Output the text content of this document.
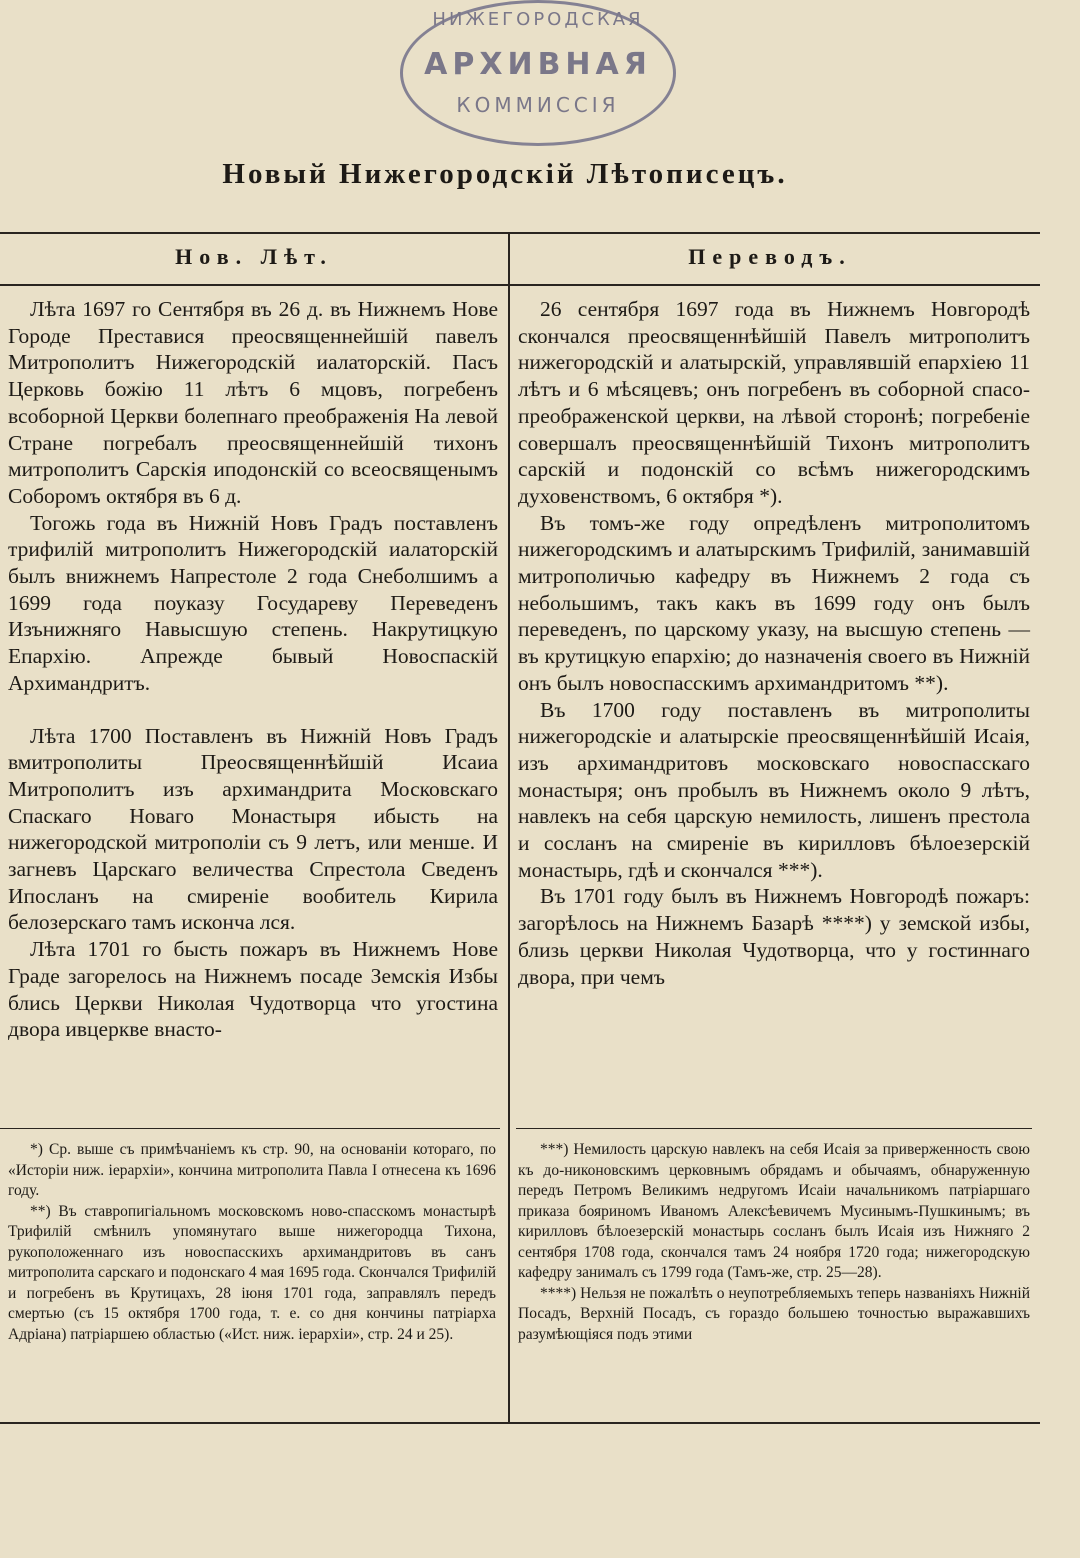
НИЖЕГОРОДСКАЯ
АРХИВНАЯ
КОММИССІЯ
Новый Нижегородскій Лѣтописецъ.
Нов. Лѣт.	Переводъ.

Лѣта 1697 го Сентября въ 26 д. въ Нижнемъ Нове Городе Преставися преосвященнейшій павелъ Митрополитъ Нижегородскій иалаторскій. Пасъ Церковь божію 11 лѣтъ 6 мцовъ, погребенъ всоборной Церкви болепнаго преображенія На левой Стране погребалъ преосвященнейшій тихонъ митрополитъ Сарскія иподонскій со всеосвященымъ Соборомъ октября въ 6 д.

Тогожь года въ Нижній Новъ Градъ поставленъ трифилій митрополитъ Нижегородскій иалаторскій былъ внижнемъ Напрестоле 2 года Снеболшимъ а 1699 года поуказу Государеву Переведенъ Изънижняго Навысшую степень. Накрутицкую Епархію. Апрежде бывый Новоспаскій Архимандритъ.

Лѣта 1700 Поставленъ въ Нижній Новъ Градъ вмитрополиты Преосвященнѣйшій Исаиа Митрополитъ изъ архимандрита Московскаго Спаскаго Новаго Монастыря ибысть на нижегородской митрополіи съ 9 летъ, или менше. И загневъ Царскаго величества Спрестола Сведенъ Ипосланъ на смиреніе вообитель Кирила белозерскаго тамъ исконча лся.

Лѣта 1701 го бысть пожаръ въ Нижнемъ Нове Граде загорелось на Нижнемъ посаде Земскія Избы блись Церкви Николая Чудотворца что угостина двора ивцеркве внасто-

26 сентября 1697 года въ Нижнемъ Новгородѣ скончался преосвященнѣйшій Павелъ митрополитъ нижегородскій и алатырскій, управлявшій епархіею 11 лѣтъ и 6 мѣсяцевъ; онъ погребенъ въ соборной спасо-преображенской церкви, на лѣвой сторонѣ; погребеніе совершалъ преосвященнѣйшій Тихонъ митрополитъ сарскій и подонскій со всѣмъ нижегородскимъ духовенствомъ, 6 октября *).

Въ томъ-же году опредѣленъ митрополитомъ нижегородскимъ и алатырскимъ Трифилій, занимавшій митрополичью кафедру въ Нижнемъ 2 года съ небольшимъ, такъ какъ въ 1699 году онъ былъ переведенъ, по царскому указу, на высшую степень — въ крутицкую епархію; до назначенія своего въ Нижній онъ былъ новоспасскимъ архимандритомъ **).

Въ 1700 году поставленъ въ митрополиты нижегородскіе и алатырскіе преосвященнѣйшій Исаія, изъ архимандритовъ московскаго новоспасскаго монастыря; онъ пробылъ въ Нижнемъ около 9 лѣтъ, навлекъ на себя царскую немилость, лишенъ престола и сосланъ на смиреніе въ кирилловъ бѣлоезерскій монастырь, гдѣ и скончался ***).

Въ 1701 году былъ въ Нижнемъ Новгородѣ пожаръ: загорѣлось на Нижнемъ Базарѣ ****) у земской избы, близь церкви Николая Чудотворца, что у гостиннаго двора, при чемъ

*) Ср. выше съ примѣчаніемъ къ стр. 90, на основаніи котораго, по «Исторіи ниж. іерархіи», кончина митрополита Павла I отнесена къ 1696 году.

**) Въ ставропигіальномъ московскомъ ново-спасскомъ монастырѣ Трифилій смѣнилъ упомянутаго выше нижегородца Тихона, рукоположеннаго изъ новоспасскихъ архимандритовъ въ санъ митрополита сарскаго и подонскаго 4 мая 1695 года. Скончался Трифилій и погребенъ въ Крутицахъ, 28 іюня 1701 года, заправлялъ передъ смертью (съ 15 октября 1700 года, т. е. со дня кончины патріарха Адріана) патріаршею областью («Ист. ниж. іерархіи», стр. 24 и 25).

***) Немилость царскую навлекъ на себя Исаія за приверженность свою къ до-никоновскимъ церковнымъ обрядамъ и обычаямъ, обнаруженную передъ Петромъ Великимъ недругомъ Исаіи начальникомъ патріаршаго приказа бояриномъ Иваномъ Алексѣевичемъ Мусинымъ-Пушкинымъ; въ кирилловъ бѣлоезерскій монастырь сосланъ былъ Исаія изъ Нижняго 2 сентября 1708 года, скончался тамъ 24 ноября 1720 года; нижегородскую кафедру занималъ съ 1799 года (Тамъ-же, стр. 25—28).

****) Нельзя не пожалѣть о неупотребляемыхъ теперь названіяхъ Нижній Посадъ, Верхній Посадъ, съ гораздо большею точностью выражавшихъ разумѣющіяся подъ этими
